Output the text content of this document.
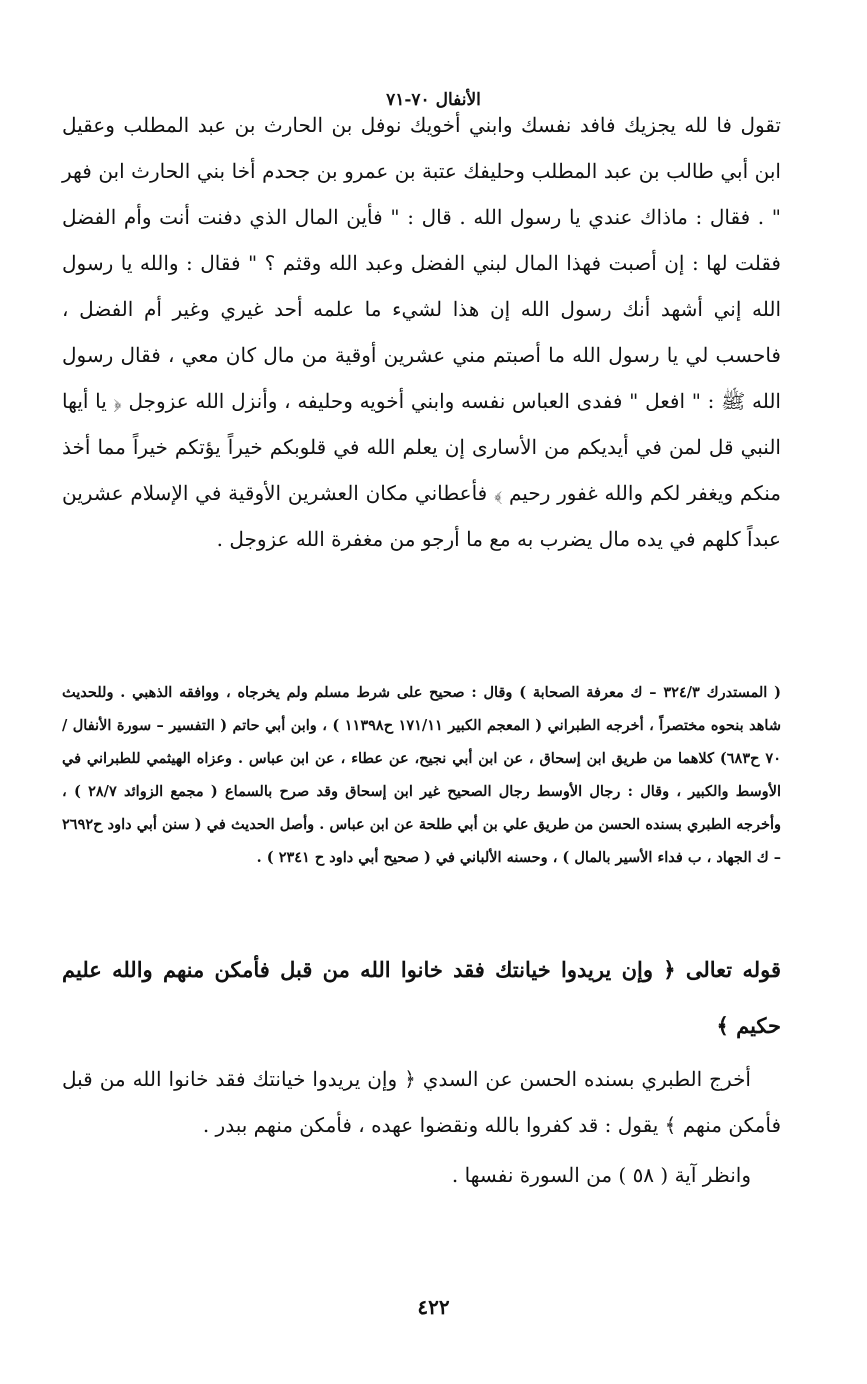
الأنفال ٧٠-٧١

تقول فا لله يجزيك فافد نفسك وابني أخويك نوفل بن الحارث بن عبد المطلب وعقيل ابن أبي طالب بن عبد المطلب وحليفك عتبة بن عمرو بن جحدم أخا بني الحارث ابن فهر " . فقال : ماذاك عندي يا رسول الله . قال : " فأين المال الذي دفنت أنت وأم الفضل فقلت لها : إن أصبت فهذا المال لبني الفضل وعبد الله وقثم ؟ " فقال : والله يا رسول الله إني أشهد أنك رسول الله إن هذا لشيء ما علمه أحد غيري وغير أم الفضل ، فاحسب لي يا رسول الله ما أصبتم مني عشرين أوقية من مال كان معي ، فقال رسول الله ﷺ : " افعل " ففدى العباس نفسه وابني أخويه وحليفه ، وأنزل الله عزوجل ﴿ يا أيها النبي قل لمن في أيديكم من الأسارى إن يعلم الله في قلوبكم خيراً يؤتكم خيراً مما أخذ منكم ويغفر لكم والله غفور رحيم ﴾ فأعطاني مكان العشرين الأوقية في الإسلام عشرين عبداً كلهم في يده مال يضرب به مع ما أرجو من مغفرة الله عزوجل .

( المستدرك ٣٢٤/٣ – ك معرفة الصحابة ) وقال : صحيح على شرط مسلم ولم يخرجاه ، ووافقه الذهبي . وللحديث شاهد بنحوه مختصراً ، أخرجه الطبراني ( المعجم الكبير ١٧١/١١ ح١١٣٩٨ ) ، وابن أبي حاتم ( التفسير – سورة الأنفال / ٧٠ ح٦٨٣) كلاهما من طريق ابن إسحاق ، عن ابن أبي نجيح، عن عطاء ، عن ابن عباس . وعزاه الهيثمي للطبراني في الأوسط والكبير ، وقال : رجال الأوسط رجال الصحيح غير ابن إسحاق وقد صرح بالسماع ( مجمع الزوائد ٢٨/٧ ) ، وأخرجه الطبري بسنده الحسن من طريق علي بن أبي طلحة عن ابن عباس . وأصل الحديث في ( سنن أبي داود ح٢٦٩٢ – ك الجهاد ، ب فداء الأسير بالمال ) ، وحسنه الألباني في ( صحيح أبي داود ح ٢٣٤١ ) .

قوله تعالى ﴿ وإن يريدوا خيانتك فقد خانوا الله من قبل فأمكن منهم والله عليم حكيم ﴾

أخرج الطبري بسنده الحسن عن السدي ﴿ وإن يريدوا خيانتك فقد خانوا الله من قبل فأمكن منهم ﴾ يقول : قد كفروا بالله ونقضوا عهده ، فأمكن منهم ببدر .

وانظر آية ( ٥٨ ) من السورة نفسها .

٤٢٢
